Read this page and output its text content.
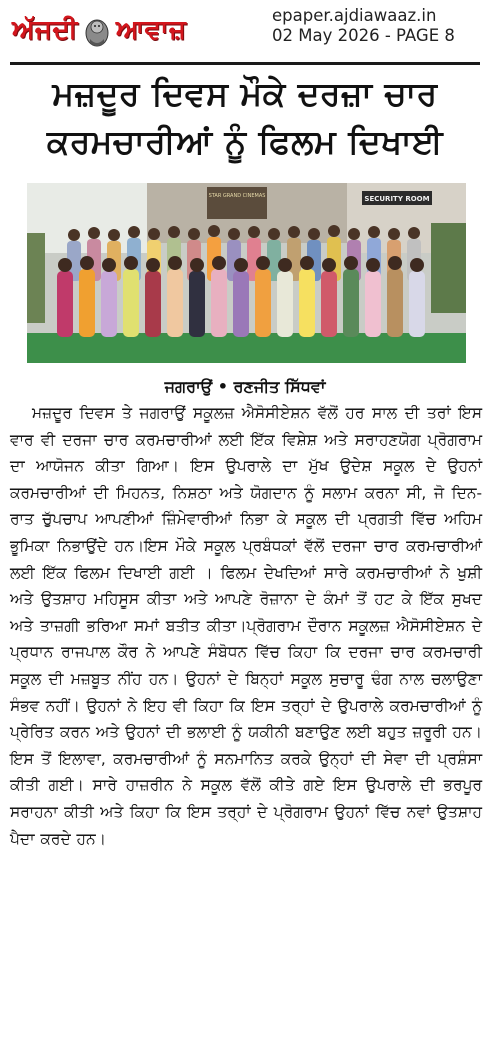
ਅੱਜਦੀ ਆਵਾਜ਼	epaper.ajdiawaaz.in
02 May 2026 - PAGE 8
ਮਜ਼ਦੂਰ ਦਿਵਸ ਮੌਕੇ ਦਰਜ਼ਾ ਚਾਰ
ਕਰਮਚਾਰੀਆਂ ਨੂੰ ਫਿਲਮ ਦਿਖਾਈ
STAR GRAND CINEMAS	SECURITY ROOM
ਜਗਰਾਉਂ • ਰਣਜੀਤ ਸਿੱਧਵਾਂ
ਮਜ਼ਦੂਰ ਦਿਵਸ ਤੇ ਜਗਰਾਉਂ ਸਕੂਲਜ਼ ਐਸੋਸੀਏਸ਼ਨ ਵੱਲੋਂ ਹਰ ਸਾਲ ਦੀ ਤਰਾਂ ਇਸ ਵਾਰ ਵੀ ਦਰਜਾ ਚਾਰ ਕਰਮਚਾਰੀਆਂ ਲਈ ਇੱਕ ਵਿਸ਼ੇਸ਼ ਅਤੇ ਸਰਾਹਣਯੋਗ ਪ੍ਰੋਗਰਾਮ ਦਾ ਆਯੋਜਨ ਕੀਤਾ ਗਿਆ। ਇਸ ਉਪਰਾਲੇ ਦਾ ਮੁੱਖ ਉਦੇਸ਼ ਸਕੂਲ ਦੇ ਉਹਨਾਂ ਕਰਮਚਾਰੀਆਂ ਦੀ ਮਿਹਨਤ, ਨਿਸ਼ਠਾ ਅਤੇ ਯੋਗਦਾਨ ਨੂੰ ਸਲਾਮ ਕਰਨਾ ਸੀ, ਜੋ ਦਿਨ-ਰਾਤ ਚੁੱਪਚਾਪ ਆਪਣੀਆਂ ਜ਼ਿੰਮੇਵਾਰੀਆਂ ਨਿਭਾ ਕੇ ਸਕੂਲ ਦੀ ਪ੍ਰਗਤੀ ਵਿੱਚ ਅਹਿਮ ਭੂਮਿਕਾ ਨਿਭਾਉਂਦੇ ਹਨ।ਇਸ ਮੌਕੇ ਸਕੂਲ ਪ੍ਰਬੰਧਕਾਂ ਵੱਲੋਂ ਦਰਜਾ ਚਾਰ ਕਰਮਚਾਰੀਆਂ ਲਈ ਇੱਕ ਫਿਲਮ ਦਿਖਾਈ ਗਈ । ਫਿਲਮ ਦੇਖਦਿਆਂ ਸਾਰੇ ਕਰਮਚਾਰੀਆਂ ਨੇ ਖੁਸ਼ੀ ਅਤੇ ਉਤਸ਼ਾਹ ਮਹਿਸੂਸ ਕੀਤਾ ਅਤੇ ਆਪਣੇ ਰੋਜ਼ਾਨਾ ਦੇ ਕੰਮਾਂ ਤੋਂ ਹਟ ਕੇ ਇੱਕ ਸੁਖਦ ਅਤੇ ਤਾਜ਼ਗੀ ਭਰਿਆ ਸਮਾਂ ਬਤੀਤ ਕੀਤਾ।ਪ੍ਰੋਗਰਾਮ ਦੌਰਾਨ ਸਕੂਲਜ਼ ਐਸੋਸੀਏਸ਼ਨ ਦੇ ਪ੍ਰਧਾਨ ਰਾਜਪਾਲ ਕੌਰ ਨੇ ਆਪਣੇ ਸੰਬੋਧਨ ਵਿੱਚ ਕਿਹਾ ਕਿ ਦਰਜਾ ਚਾਰ ਕਰਮਚਾਰੀ ਸਕੂਲ ਦੀ ਮਜ਼ਬੂਤ ਨੀਂਹ ਹਨ। ਉਹਨਾਂ ਦੇ ਬਿਨ੍ਹਾਂ ਸਕੂਲ ਸੁਚਾਰੂ ਢੰਗ ਨਾਲ ਚਲਾਉਣਾ ਸੰਭਵ ਨਹੀਂ। ਉਹਨਾਂ ਨੇ ਇਹ ਵੀ ਕਿਹਾ ਕਿ ਇਸ ਤਰ੍ਹਾਂ ਦੇ ਉਪਰਾਲੇ ਕਰਮਚਾਰੀਆਂ ਨੂੰ ਪ੍ਰੇਰਿਤ ਕਰਨ ਅਤੇ ਉਹਨਾਂ ਦੀ ਭਲਾਈ ਨੂੰ ਯਕੀਨੀ ਬਣਾਉਣ ਲਈ ਬਹੁਤ ਜ਼ਰੂਰੀ ਹਨ।ਇਸ ਤੋਂ ਇਲਾਵਾ, ਕਰਮਚਾਰੀਆਂ ਨੂੰ ਸਨਮਾਨਿਤ ਕਰਕੇ ਉਨ੍ਹਾਂ ਦੀ ਸੇਵਾ ਦੀ ਪ੍ਰਸ਼ੰਸਾ ਕੀਤੀ ਗਈ। ਸਾਰੇ ਹਾਜ਼ਰੀਨ ਨੇ ਸਕੂਲ ਵੱਲੋਂ ਕੀਤੇ ਗਏ ਇਸ ਉਪਰਾਲੇ ਦੀ ਭਰਪੂਰ ਸਰਾਹਨਾ ਕੀਤੀ ਅਤੇ ਕਿਹਾ ਕਿ ਇਸ ਤਰ੍ਹਾਂ ਦੇ ਪ੍ਰੋਗਰਾਮ ਉਹਨਾਂ ਵਿੱਚ ਨਵਾਂ ਉਤਸ਼ਾਹ ਪੈਦਾ ਕਰਦੇ ਹਨ।
